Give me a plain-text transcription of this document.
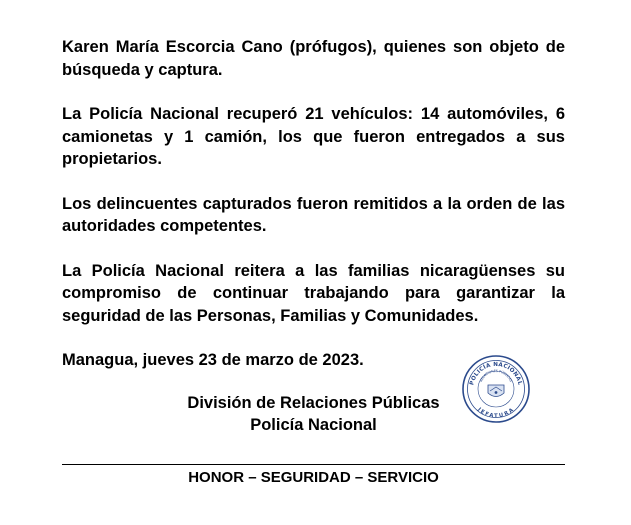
Karen María Escorcia Cano (prófugos), quienes son objeto de búsqueda y captura.

La Policía Nacional recuperó 21 vehículos: 14 automóviles, 6 camionetas y 1 camión, los que fueron entregados a sus propietarios.

Los delincuentes capturados fueron remitidos a la orden de las autoridades competentes.

La Policía Nacional reitera a las familias nicaragüenses su compromiso de continuar trabajando para garantizar la seguridad de las Personas, Familias y Comunidades.

Managua, jueves 23 de marzo de 2023.

División de Relaciones Públicas
Policía Nacional
POLICÍA NACIONAL
JEFATURA
RELACIONES PÚBLICAS
HONOR – SEGURIDAD – SERVICIO
